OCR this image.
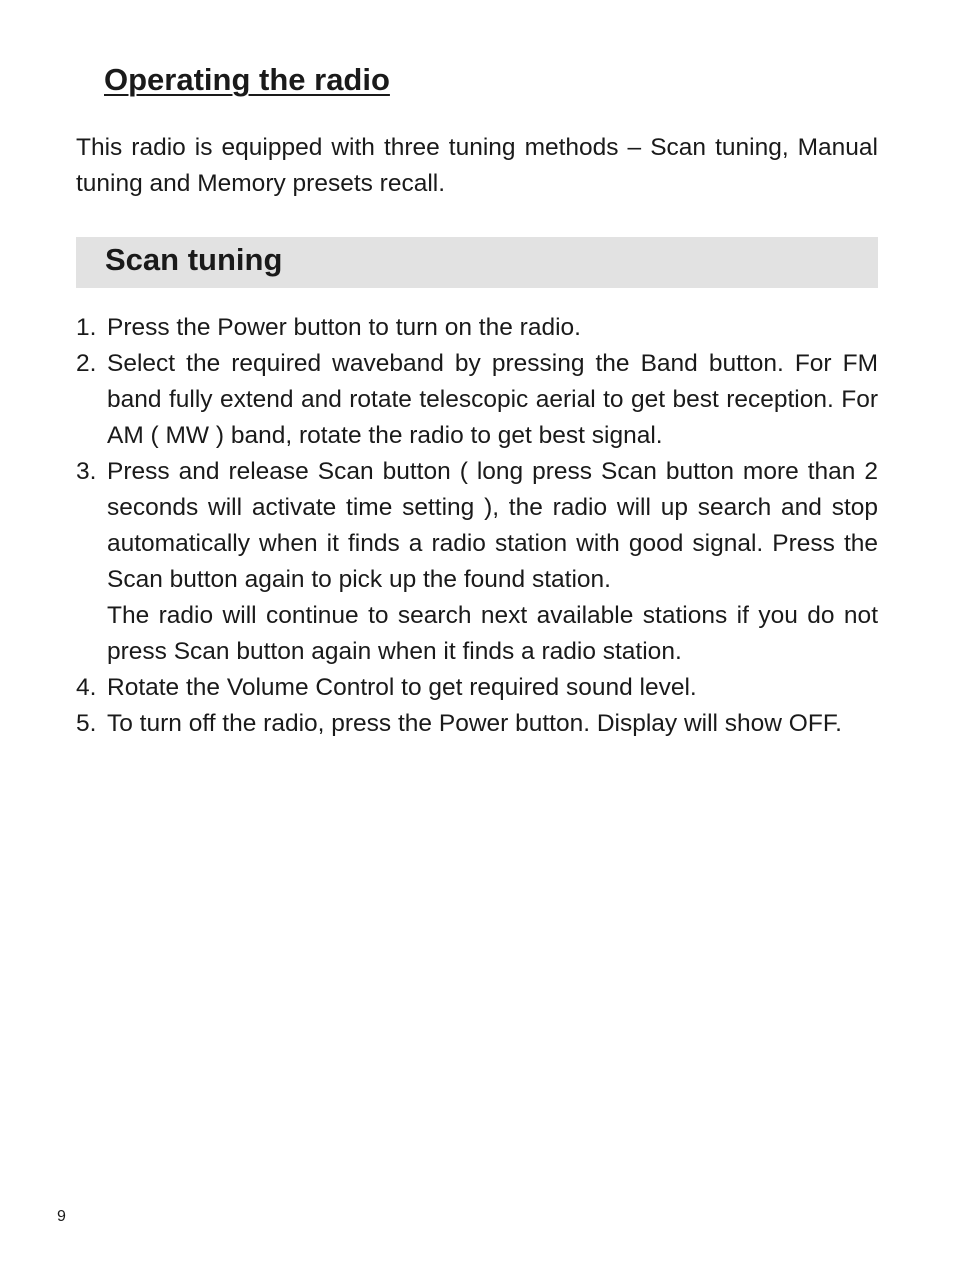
Operating the radio

This radio is equipped with three tuning methods – Scan tuning, Manual tuning and Memory presets recall.

Scan tuning
1. Press the Power button to turn on the radio.
2. Select the required waveband by pressing the Band button. For FM band fully extend and rotate telescopic aerial to get best reception. For AM ( MW ) band, rotate the radio to get best signal.
3. Press and release Scan button ( long press Scan button more than 2 seconds will activate time setting ), the radio will up search and stop automatically when it finds a radio station with good signal. Press the Scan button again to pick up the found station.
The radio will continue to search next available stations if you do not press Scan button again when it finds a radio station.
4. Rotate the Volume Control to get required sound level.
5. To turn off the radio, press the Power button. Display will show OFF.
9
